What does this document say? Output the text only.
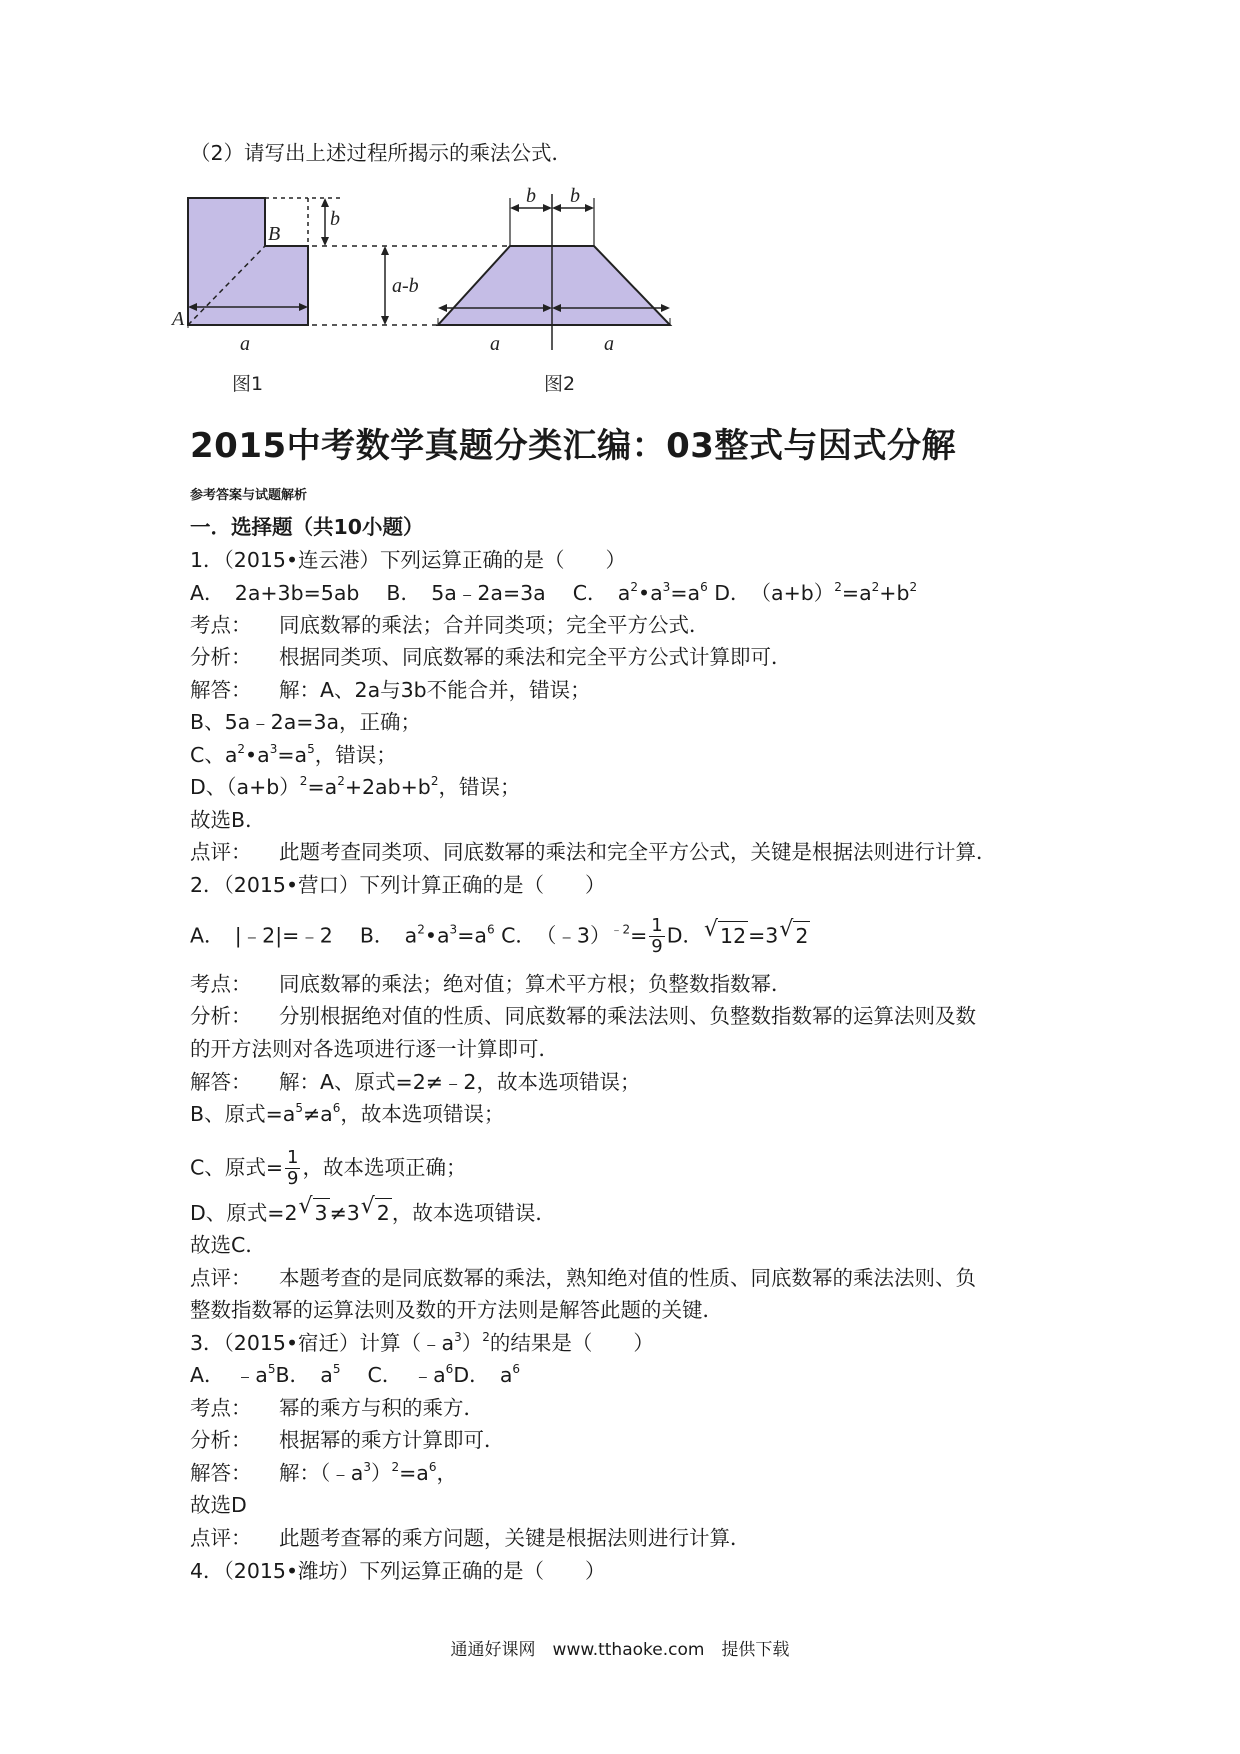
（2）请写出上述过程所揭示的乘法公式．
b
B
A
a
a-b
b b
a	a
图1	图2
2015中考数学真题分类汇编：03整式与因式分解
参考答案与试题解析
一．选择题（共10小题）
1．（2015•连云港）下列运算正确的是（　　）
A．　2a+3b=5ab　 B．　5a﹣2a=3a　 C．　$a^2•a^3=a^6$ D．　$(a+b)^2=a^2+b^2$
考点： 同底数幂的乘法；合并同类项；完全平方公式．
分析： 根据同类项、同底数幂的乘法和完全平方公式计算即可．
解答： 解：A、2a与3b不能合并，错误；
B、5a﹣2a=3a，正确；
C、$a^2•a^3=a^5$，错误；
D、$(a+b)^2=a^2+2ab+b^2$，错误；
故选B．
点评： 此题考查同类项、同底数幂的乘法和完全平方公式，关键是根据法则进行计算．
2．（2015•营口）下列计算正确的是（　　）
A．　|﹣2|=﹣2　 B．　$a^2•a^3=a^6$ C．　（﹣3）$^{﹣2}$= $\frac{1}{9}$ D． √ 12=3 √ 2
考点： 同底数幂的乘法；绝对值；算术平方根；负整数指数幂．
分析： 分别根据绝对值的性质、同底数幂的乘法法则、负整数指数幂的运算法则及数
的开方法则对各选项进行逐一计算即可．
解答： 解：A、原式=2≠﹣2，故本选项错误；
B、原式$=a^5\ne a^6$，故本选项错误；
C、原式= $\frac{1}{9}$ ，故本选项正确；
D、原式=2 √ 3≠3 √ 2，故本选项错误．
故选C．
点评： 本题考查的是同底数幂的乘法，熟知绝对值的性质、同底数幂的乘法法则、负
整数指数幂的运算法则及数的开方法则是解答此题的关键．
3．（2015•宿迁）计算$(﹣a^3)^2$的结果是（　　）
A．　$﹣a^5B$．　$a^5$　 C．　$﹣a^6D$．　$a^6$
考点： 幂的乘方与积的乘方．
分析： 根据幂的乘方计算即可．
解答： 解：$(﹣a^3)^2=a^6$，
故选D
点评： 此题考查幂的乘方问题，关键是根据法则进行计算．
4．（2015•潍坊）下列运算正确的是（　　）
通通好课网　www.tthaoke.com　提供下载
